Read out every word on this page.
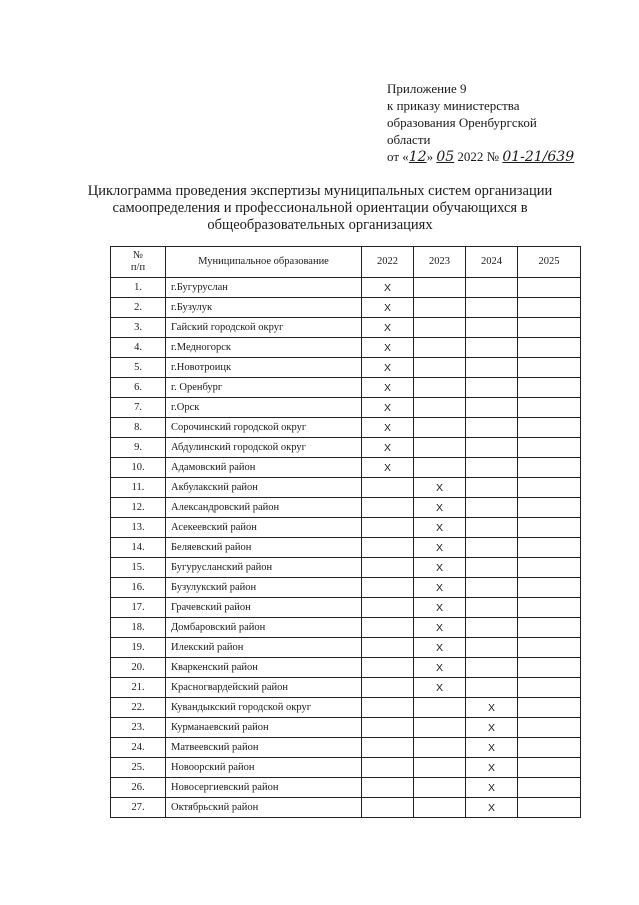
Приложение 9
к приказу министерства
образования Оренбургской
области
от «12» 05 2022 № 01-21/639
Циклограмма проведения экспертизы муниципальных систем организации
самоопределения и профессиональной ориентации обучающихся в
общеобразовательных организациях
№
п/п	Муниципальное образование	2022	2023	2024	2025
1.	г.Бугуруслан	X			
2.	г.Бузулук	X			
3.	Гайский городской округ	X			
4.	г.Медногорск	X			
5.	г.Новотроицк	X			
6.	г. Оренбург	X			
7.	г.Орск	X			
8.	Сорочинский городской округ	X			
9.	Абдулинский городской округ	X			
10.	Адамовский район	X			
11.	Акбулакский район		X		
12.	Александровский район		X		
13.	Асекеевский район		X		
14.	Беляевский район		X		
15.	Бугурусланский район		X		
16.	Бузулукский район		X		
17.	Грачевский район		X		
18.	Домбаровский район		X		
19.	Илекский район		X		
20.	Кваркенский район		X		
21.	Красногвардейский район		X		
22.	Кувандыкский городской округ			X	
23.	Курманаевский район			X	
24.	Матвеевский район			X	
25.	Новоорский район			X	
26.	Новосергиевский район			X	
27.	Октябрьский район			X	
